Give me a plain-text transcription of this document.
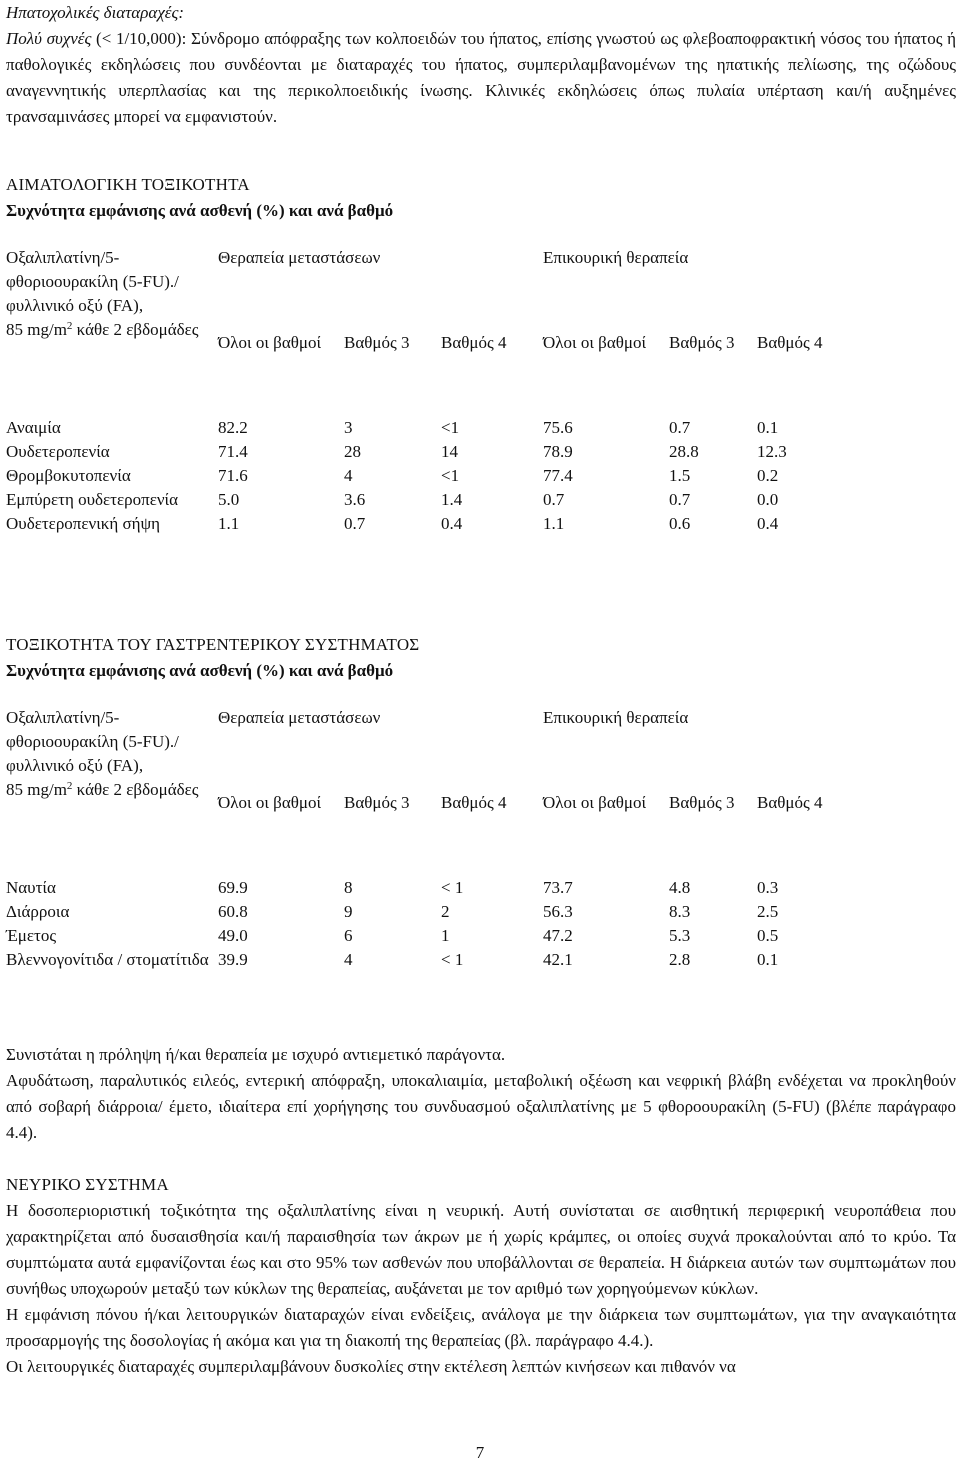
Ηπατοχολικές διαταραχές:

Πολύ συχνές (< 1/10,000): Σύνδρομο απόφραξης των κολποειδών του ήπατος, επίσης γνωστού ως φλεβοαποφρακτική νόσος του ήπατος ή παθολογικές εκδηλώσεις που συνδέονται με διαταραχές του ήπατος, συμπεριλαμβανομένων της ηπατικής πελίωσης, της οζώδους αναγεννητικής υπερπλασίας και της περικολποειδικής ίνωσης. Κλινικές εκδηλώσεις όπως πυλαία υπέρταση και/ή αυξημένες τρανσαμινάσες μπορεί να εμφανιστούν.

ΑΙΜΑΤΟΛΟΓΙΚΗ ΤΟΞΙΚΟΤΗΤΑ
Συχνότητα εμφάνισης ανά ασθενή (%) και ανά βαθμό
Οξαλιπλατίνη/5-φθοριοουρακίλη (5-FU)./ φυλλινικό οξύ (FA),
85 $mg/m^2$ κάθε 2 εβδομάδες	Θεραπεία μεταστάσεων			Επικουρική θεραπεία		
	Όλοι οι βαθμοί	Βαθμός 3	Βαθμός 4	Όλοι οι βαθμοί	Βαθμός 3	Βαθμός 4
Αναιμία	82.2	3	<1	75.6	0.7	0.1
Ουδετεροπενία	71.4	28	14	78.9	28.8	12.3
Θρομβοκυτοπενία	71.6	4	<1	77.4	1.5	0.2
Εμπύρετη ουδετεροπενία	5.0	3.6	1.4	0.7	0.7	0.0
Ουδετεροπενική σήψη	1.1	0.7	0.4	1.1	0.6	0.4
ΤΟΞΙΚΟΤΗΤΑ ΤΟΥ ΓΑΣΤΡΕΝΤΕΡΙΚΟΥ ΣΥΣΤΗΜΑΤΟΣ
Συχνότητα εμφάνισης ανά ασθενή (%) και ανά βαθμό
Οξαλιπλατίνη/5-φθοριοουρακίλη (5-FU)./ φυλλινικό οξύ (FA),
85 $mg/m^2$ κάθε 2 εβδομάδες	Θεραπεία μεταστάσεων			Επικουρική θεραπεία		
	Όλοι οι βαθμοί	Βαθμός 3	Βαθμός 4	Όλοι οι βαθμοί	Βαθμός 3	Βαθμός 4
Ναυτία	69.9	8	< 1	73.7	4.8	0.3
Διάρροια	60.8	9	2	56.3	8.3	2.5
Έμετος	49.0	6	1	47.2	5.3	0.5
Βλεννογονίτιδα / στοματίτιδα	39.9	4	< 1	42.1	2.8	0.1

Συνιστάται η πρόληψη ή/και θεραπεία με ισχυρό αντιεμετικό παράγοντα.

Αφυδάτωση, παραλυτικός ειλεός, εντερική απόφραξη, υποκαλιαιμία, μεταβολική οξέωση και νεφρική βλάβη ενδέχεται να προκληθούν από σοβαρή διάρροια/ έμετο, ιδιαίτερα επί χορήγησης του συνδυασμού οξαλιπλατίνης με 5 φθοροουρακίλη (5-FU) (βλέπε παράγραφο 4.4).

ΝΕΥΡΙΚΟ ΣΥΣΤΗΜΑ

Η δοσοπεριοριστική τοξικότητα της οξαλιπλατίνης είναι η νευρική. Αυτή συνίσταται σε αισθητική περιφερική νευροπάθεια που χαρακτηρίζεται από δυσαισθησία και/ή παραισθησία των άκρων με ή χωρίς κράμπες, οι οποίες συχνά προκαλούνται από το κρύο. Τα συμπτώματα αυτά εμφανίζονται έως και στο 95% των ασθενών που υποβάλλονται σε θεραπεία. Η διάρκεια αυτών των συμπτωμάτων που συνήθως υποχωρούν μεταξύ των κύκλων της θεραπείας, αυξάνεται με τον αριθμό των χορηγούμενων κύκλων.

Η εμφάνιση πόνου ή/και λειτουργικών διαταραχών είναι ενδείξεις, ανάλογα με την διάρκεια των συμπτωμάτων, για την αναγκαιότητα προσαρμογής της δοσολογίας ή ακόμα και για τη διακοπή της θεραπείας (βλ. παράγραφο 4.4.).

Οι λειτουργικές διαταραχές συμπεριλαμβάνουν δυσκολίες στην εκτέλεση λεπτών κινήσεων και πιθανόν να

7
